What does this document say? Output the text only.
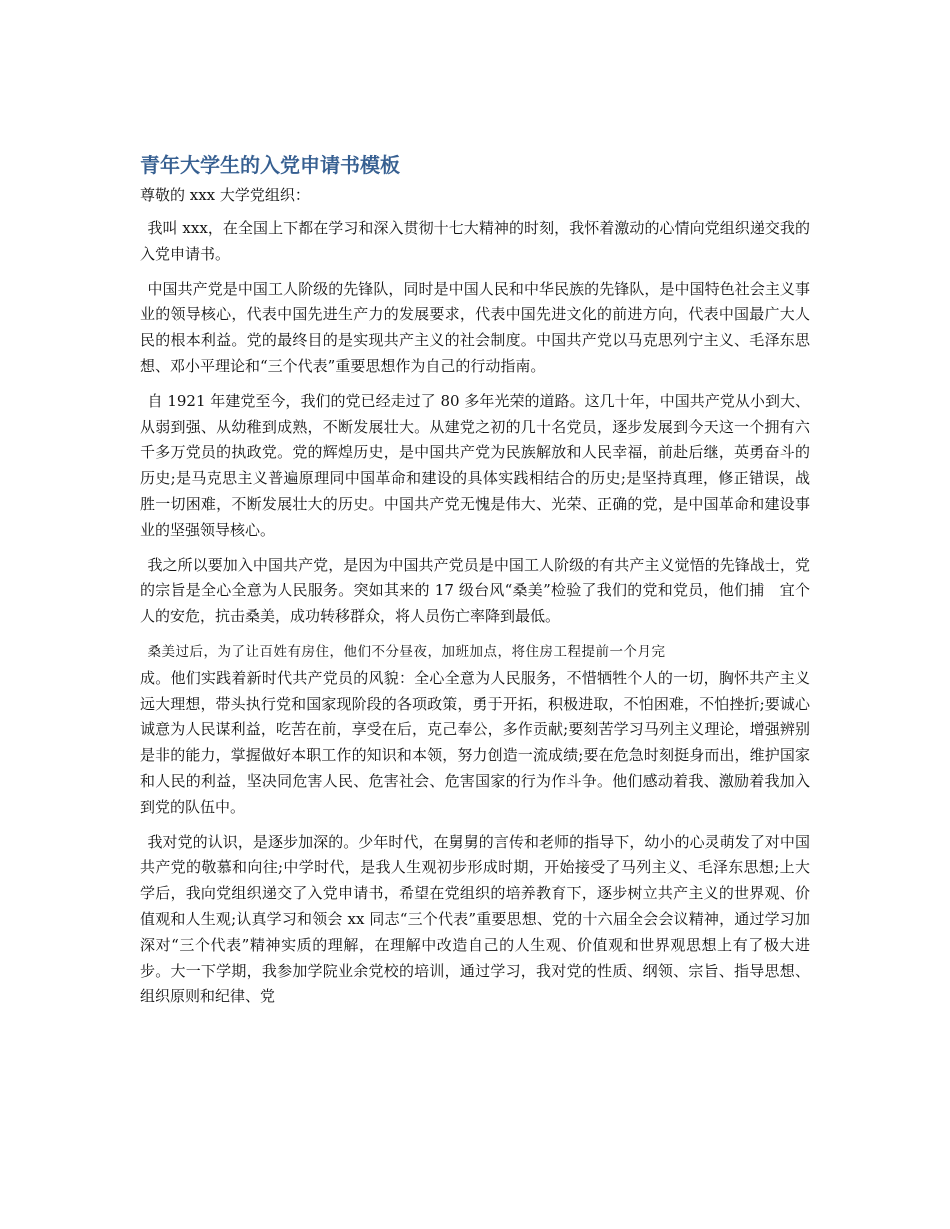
青年大学生的入党申请书模板

尊敬的 xxx 大学党组织：

我叫 xxx，在全国上下都在学习和深入贯彻十七大精神的时刻，我怀着激动的心情向党组织递交我的入党申请书。

中国共产党是中国工人阶级的先锋队，同时是中国人民和中华民族的先锋队，是中国特色社会主义事业的领导核心，代表中国先进生产力的发展要求，代表中国先进文化的前进方向，代表中国最广大人民的根本利益。党的最终目的是实现共产主义的社会制度。中国共产党以马克思列宁主义、毛泽东思想、邓小平理论和“三个代表”重要思想作为自己的行动指南。

自 1921 年建党至今，我们的党已经走过了 80 多年光荣的道路。这几十年，中国共产党从小到大、从弱到强、从幼稚到成熟，不断发展壮大。从建党之初的几十名党员，逐步发展到今天这一个拥有六千多万党员的执政党。党的辉煌历史，是中国共产党为民族解放和人民幸福，前赴后继，英勇奋斗的历史;是马克思主义普遍原理同中国革命和建设的具体实践相结合的历史;是坚持真理，修正错误，战胜一切困难，不断发展壮大的历史。中国共产党无愧是伟大、光荣、正确的党，是中国革命和建设事业的坚强领导核心。

我之所以要加入中国共产党，是因为中国共产党员是中国工人阶级的有共产主义觉悟的先锋战士，党的宗旨是全心全意为人民服务。突如其来的 17 级台风“桑美”检验了我们的党和党员，他们捕　宜个人的安危，抗击桑美，成功转移群众，将人员伤亡率降到最低。

桑美过后，为了让百姓有房住，他们不分昼夜，加班加点，将住房工程提前一个月完
成。他们实践着新时代共产党员的风貌：全心全意为人民服务，不惜牺牲个人的一切，胸怀共产主义远大理想，带头执行党和国家现阶段的各项政策，勇于开拓，积极进取，不怕困难，不怕挫折;要诚心诚意为人民谋利益，吃苦在前，享受在后，克己奉公，多作贡献;要刻苦学习马列主义理论，增强辨别是非的能力，掌握做好本职工作的知识和本领，努力创造一流成绩;要在危急时刻挺身而出，维护国家和人民的利益，坚决同危害人民、危害社会、危害国家的行为作斗争。他们感动着我、激励着我加入到党的队伍中。

我对党的认识，是逐步加深的。少年时代，在舅舅的言传和老师的指导下，幼小的心灵萌发了对中国共产党的敬慕和向往;中学时代，是我人生观初步形成时期，开始接受了马列主义、毛泽东思想;上大学后，我向党组织递交了入党申请书，希望在党组织的培养教育下，逐步树立共产主义的世界观、价值观和人生观;认真学习和领会 xx 同志“三个代表”重要思想、党的十六届全会会议精神，通过学习加深对“三个代表”精神实质的理解，在理解中改造自己的人生观、价值观和世界观思想上有了极大进步。大一下学期，我参加学院业余党校的培训，通过学习，我对党的性质、纲领、宗旨、指导思想、组织原则和纪律、党
